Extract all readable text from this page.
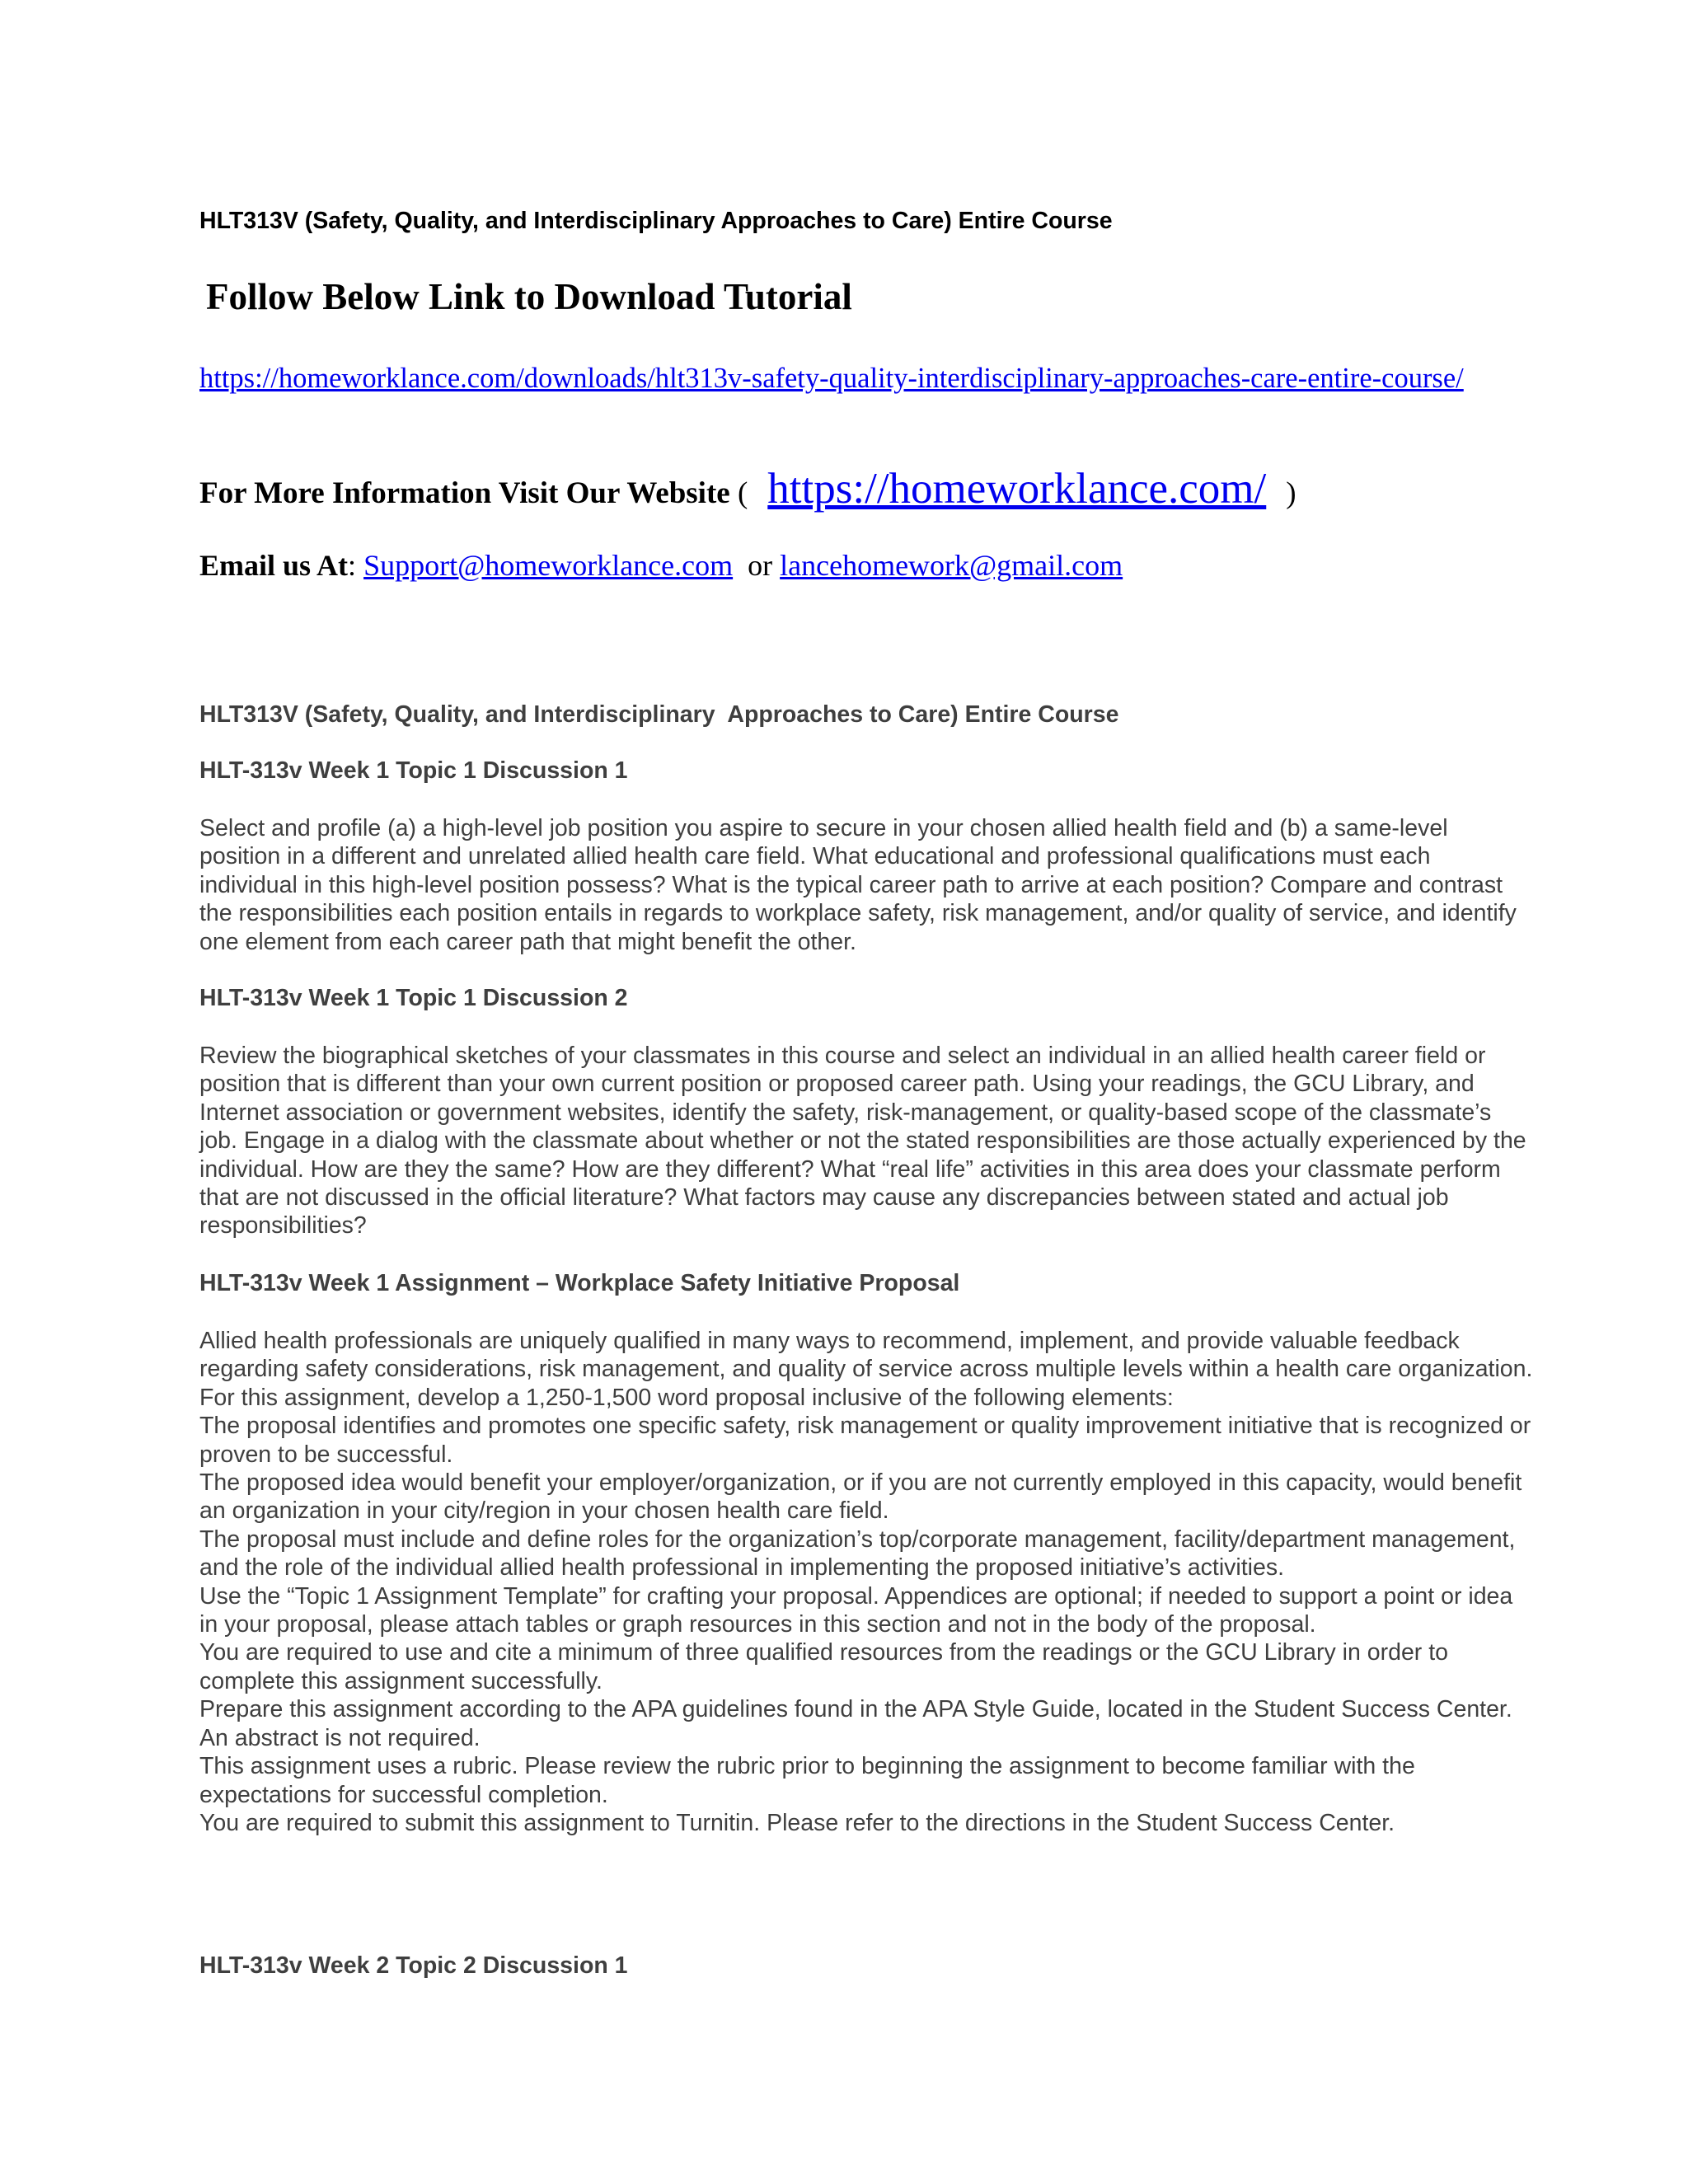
HLT313V (Safety, Quality, and Interdisciplinary Approaches to Care) Entire Course
Follow Below Link to Download Tutorial
https://homeworklance.com/downloads/hlt313v-safety-quality-interdisciplinary-approaches-care-entire-course/
For More Information Visit Our Website ( https://homeworklance.com/ )
Email us At: Support@homeworklance.com or lancehomework@gmail.com
HLT313V (Safety, Quality, and Interdisciplinary  Approaches to Care) Entire Course
HLT-313v Week 1 Topic 1 Discussion 1
Select and profile (a) a high-level job position you aspire to secure in your chosen allied health field and (b) a same-level position in a different and unrelated allied health care field. What educational and professional qualifications must each individual in this high-level position possess? What is the typical career path to arrive at each position? Compare and contrast the responsibilities each position entails in regards to workplace safety, risk management, and/or quality of service, and identify one element from each career path that might benefit the other.
HLT-313v Week 1 Topic 1 Discussion 2
Review the biographical sketches of your classmates in this course and select an individual in an allied health career field or position that is different than your own current position or proposed career path. Using your readings, the GCU Library, and Internet association or government websites, identify the safety, risk-management, or quality-based scope of the classmate’s job. Engage in a dialog with the classmate about whether or not the stated responsibilities are those actually experienced by the individual. How are they the same? How are they different? What “real life” activities in this area does your classmate perform that are not discussed in the official literature? What factors may cause any discrepancies between stated and actual job responsibilities?
HLT-313v Week 1 Assignment – Workplace Safety Initiative Proposal
Allied health professionals are uniquely qualified in many ways to recommend, implement, and provide valuable feedback regarding safety considerations, risk management, and quality of service across multiple levels within a health care organization.
For this assignment, develop a 1,250-1,500 word proposal inclusive of the following elements:
The proposal identifies and promotes one specific safety, risk management or quality improvement initiative that is recognized or proven to be successful.
The proposed idea would benefit your employer/organization, or if you are not currently employed in this capacity, would benefit an organization in your city/region in your chosen health care field.
The proposal must include and define roles for the organization’s top/corporate management, facility/department management, and the role of the individual allied health professional in implementing the proposed initiative’s activities.
Use the “Topic 1 Assignment Template” for crafting your proposal. Appendices are optional; if needed to support a point or idea in your proposal, please attach tables or graph resources in this section and not in the body of the proposal.
You are required to use and cite a minimum of three qualified resources from the readings or the GCU Library in order to complete this assignment successfully.
Prepare this assignment according to the APA guidelines found in the APA Style Guide, located in the Student Success Center. An abstract is not required.
This assignment uses a rubric. Please review the rubric prior to beginning the assignment to become familiar with the expectations for successful completion.
You are required to submit this assignment to Turnitin. Please refer to the directions in the Student Success Center.
HLT-313v Week 2 Topic 2 Discussion 1
